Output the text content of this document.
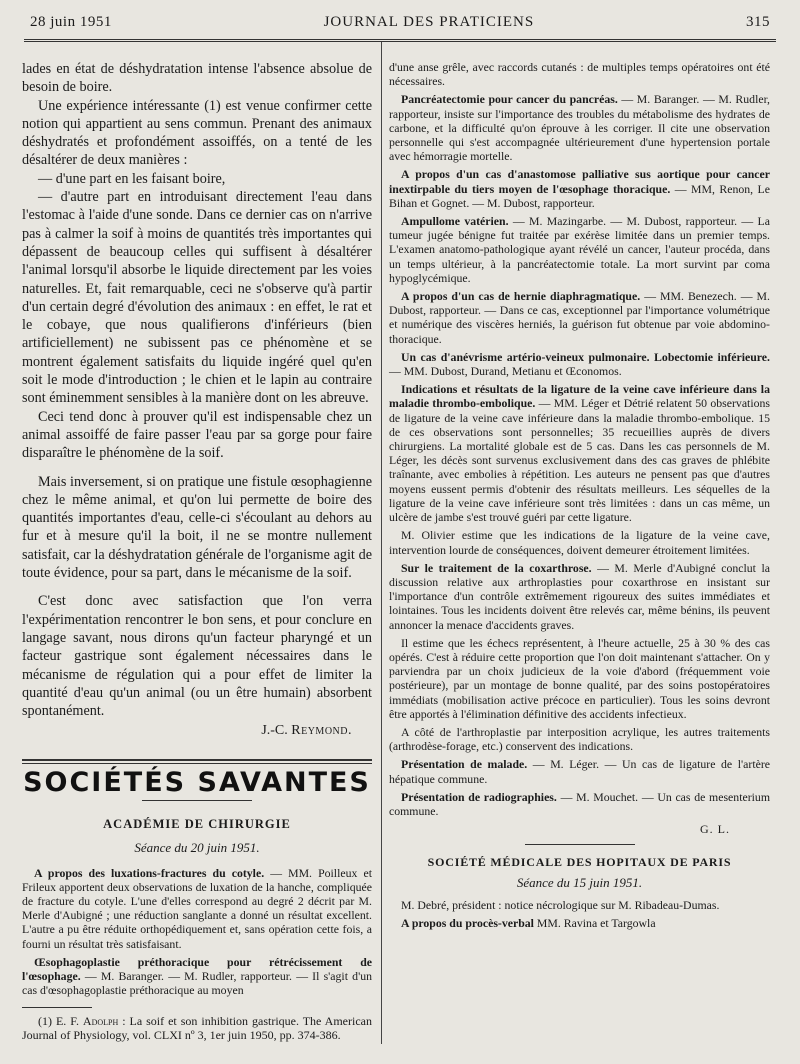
28 juin 1951	JOURNAL DES PRATICIENS	315

lades en état de déshydratation intense l'absence absolue de besoin de boire.

Une expérience intéressante (1) est venue confirmer cette notion qui appartient au sens commun. Prenant des animaux déshydratés et profondément assoiffés, on a tenté de les désaltérer de deux manières :

— d'une part en les faisant boire,

— d'autre part en introduisant directement l'eau dans l'estomac à l'aide d'une sonde. Dans ce dernier cas on n'arrive pas à calmer la soif à moins de quantités très importantes qui dépassent de beaucoup celles qui suffisent à désaltérer l'animal lorsqu'il absorbe le liquide directement par les voies naturelles. Et, fait remarquable, ceci ne s'observe qu'à partir d'un certain degré d'évolution des animaux : en effet, le rat et le cobaye, que nous qualifierons d'inférieurs (bien artificiellement) ne subissent pas ce phénomène et se montrent également satisfaits du liquide ingéré quel qu'en soit le mode d'introduction ; le chien et le lapin au contraire sont éminemment sensibles à la manière dont on les abreuve.

Ceci tend donc à prouver qu'il est indispensable chez un animal assoiffé de faire passer l'eau par sa gorge pour faire disparaître le phénomène de la soif.

Mais inversement, si on pratique une fistule œsophagienne chez le même animal, et qu'on lui permette de boire des quantités importantes d'eau, celle-ci s'écoulant au dehors au fur et à mesure qu'il la boit, il ne se montre nullement satisfait, car la déshydratation générale de l'organisme agit de toute évidence, pour sa part, dans le mécanisme de la soif.

C'est donc avec satisfaction que l'on verra l'expérimentation rencontrer le bon sens, et pour conclure en langage savant, nous dirons qu'un facteur pharyngé et un facteur gastrique sont également nécessaires dans le mécanisme de régulation qui a pour effet de limiter la quantité d'eau qu'un animal (ou un être humain) absorbent spontanément.

J.-C. Reymond.
SOCIÉTÉS SAVANTES
ACADÉMIE DE CHIRURGIE
Séance du 20 juin 1951.

A propos des luxations-fractures du cotyle. — MM. Poilleux et Frileux apportent deux observations de luxation de la hanche, compliquée de fracture du cotyle. L'une d'elles correspond au degré 2 décrit par M. Merle d'Aubigné ; une réduction sanglante a donné un résultat excellent. L'autre a pu être réduite orthopédiquement et, sans opération cette fois, a fourni un résultat très satisfaisant.

Œsophagoplastie préthoracique pour rétrécissement de l'œsophage. — M. Baranger. — M. Rudler, rapporteur. — Il s'agit d'un cas d'œsophagoplastie préthoracique au moyen

(1) E. F. Adolph : La soif et son inhibition gastrique. The American Journal of Physiology, vol. CLXI nº 3, 1er juin 1950, pp. 374-386.

d'une anse grêle, avec raccords cutanés : de multiples temps opératoires ont été nécessaires.

Pancréatectomie pour cancer du pancréas. — M. Baranger. — M. Rudler, rapporteur, insiste sur l'importance des troubles du métabolisme des hydrates de carbone, et la difficulté qu'on éprouve à les corriger. Il cite une observation personnelle qui s'est accompagnée ultérieurement d'une hypertension portale avec hémorragie mortelle.

A propos d'un cas d'anastomose palliative sus aortique pour cancer inextirpable du tiers moyen de l'œsophage thoracique. — MM, Renon, Le Bihan et Gognet. — M. Dubost, rapporteur.

Ampullome vatérien. — M. Mazingarbe. — M. Dubost, rapporteur. — La tumeur jugée bénigne fut traitée par exérèse limitée dans un premier temps. L'examen anatomo-pathologique ayant révélé un cancer, l'auteur procéda, dans un temps ultérieur, à la pancréatectomie totale. La mort survint par coma hypoglycémique.

A propos d'un cas de hernie diaphragmatique. — MM. Benezech. — M. Dubost, rapporteur. — Dans ce cas, exceptionnel par l'importance volumétrique et numérique des viscères herniés, la guérison fut obtenue par voie abdomino-thoracique.

Un cas d'anévrisme artério-veineux pulmonaire. Lobectomie inférieure. — MM. Dubost, Durand, Metianu et Œconomos.

Indications et résultats de la ligature de la veine cave inférieure dans la maladie thrombo-embolique. — MM. Léger et Détrié relatent 50 observations de ligature de la veine cave inférieure dans la maladie thrombo-embolique. 15 de ces observations sont personnelles; 35 recueillies auprès de divers chirurgiens. La mortalité globale est de 5 cas. Dans les cas personnels de M. Léger, les décès sont survenus exclusivement dans des cas graves de phlébite traînante, avec embolies à répétition. Les auteurs ne pensent pas que d'autres moyens eussent permis d'obtenir des résultats meilleurs. Les séquelles de la ligature de la veine cave inférieure sont très limitées : dans un cas même, un ulcère de jambe s'est trouvé guéri par cette ligature.

M. Olivier estime que les indications de la ligature de la veine cave, intervention lourde de conséquences, doivent demeurer étroitement limitées.

Sur le traitement de la coxarthrose. — M. Merle d'Aubigné conclut la discussion relative aux arthroplasties pour coxarthrose en insistant sur l'importance d'un contrôle extrêmement rigoureux des suites immédiates et lointaines. Tous les incidents doivent être relevés car, même bénins, ils peuvent annoncer la menace d'accidents graves.

Il estime que les échecs représentent, à l'heure actuelle, 25 à 30 % des cas opérés. C'est à réduire cette proportion que l'on doit maintenant s'attacher. On y parviendra par un choix judicieux de la voie d'abord (fréquemment voie postérieure), par un montage de bonne qualité, par des soins postopératoires immédiats (mobilisation active précoce en particulier). Tous les soins devront être apportés à l'élimination définitive des accidents infectieux.

A côté de l'arthroplastie par interposition acrylique, les autres traitements (arthrodèse-forage, etc.) conservent des indications.

Présentation de malade. — M. Léger. — Un cas de ligature de l'artère hépatique commune.

Présentation de radiographies. — M. Mouchet. — Un cas de mesenterium commune.

G. L.
SOCIÉTÉ MÉDICALE DES HOPITAUX DE PARIS
Séance du 15 juin 1951.

M. Debré, président : notice nécrologique sur M. Ribadeau-Dumas.

A propos du procès-verbal MM. Ravina et Targowla
